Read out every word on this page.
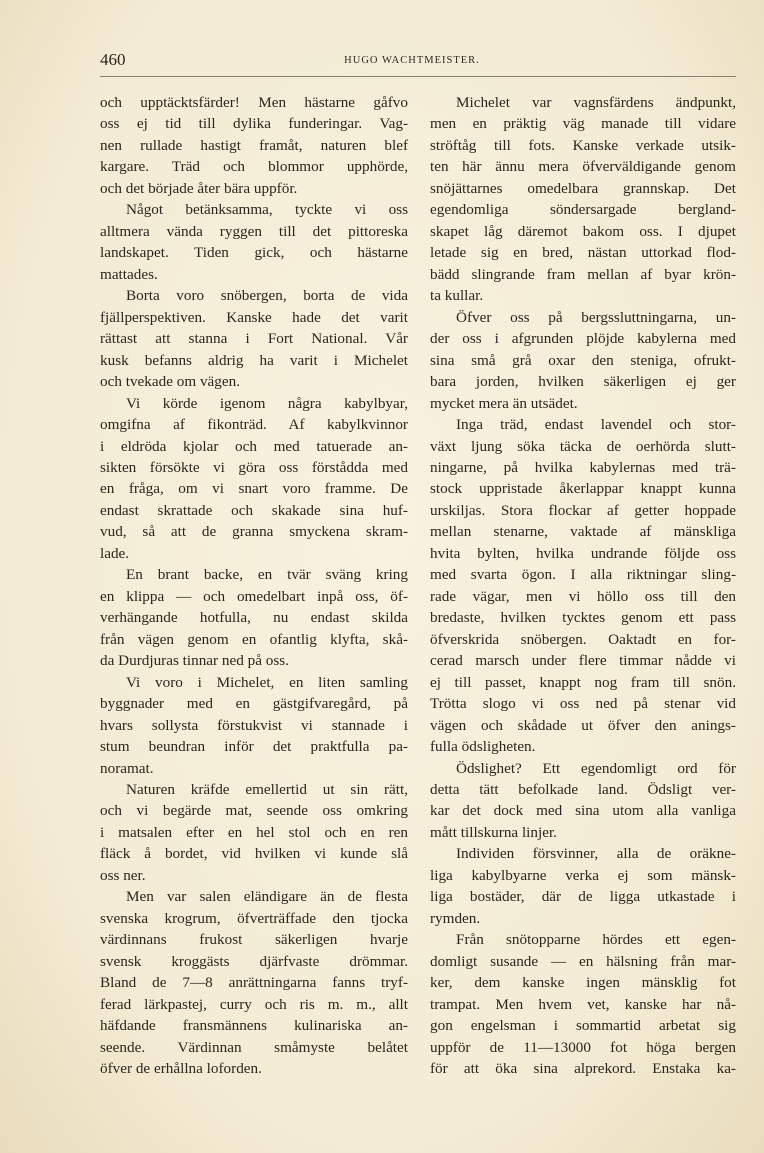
460	HUGO WACHTMEISTER.
och upptäcktsfärder! Men hästarne gåfvo
oss ej tid till dylika funderingar. Vag-
nen rullade hastigt framåt, naturen blef
kargare. Träd och blommor upphörde,
och det började åter bära uppför.
Något betänksamma, tyckte vi oss
alltmera vända ryggen till det pittoreska
landskapet. Tiden gick, och hästarne
mattades.
Borta voro snöbergen, borta de vida
fjällperspektiven. Kanske hade det varit
rättast att stanna i Fort National. Vår
kusk befanns aldrig ha varit i Michelet
och tvekade om vägen.
Vi körde igenom några kabylbyar,
omgifna af fikonträd. Af kabylkvinnor
i eldröda kjolar och med tatuerade an-
sikten försökte vi göra oss förstådda med
en fråga, om vi snart voro framme. De
endast skrattade och skakade sina huf-
vud, så att de granna smyckena skram-
lade.
En brant backe, en tvär sväng kring
en klippa — och omedelbart inpå oss, öf-
verhängande hotfulla, nu endast skilda
från vägen genom en ofantlig klyfta, skå-
da Durdjuras tinnar ned på oss.
Vi voro i Michelet, en liten samling
byggnader med en gästgifvaregård, på
hvars sollysta förstukvist vi stannade i
stum beundran inför det praktfulla pa-
noramat.
Naturen kräfde emellertid ut sin rätt,
och vi begärde mat, seende oss omkring
i matsalen efter en hel stol och en ren
fläck å bordet, vid hvilken vi kunde slå
oss ner.
Men var salen eländigare än de flesta
svenska krogrum, öfverträffade den tjocka
värdinnans frukost säkerligen hvarje
svensk kroggästs djärfvaste drömmar.
Bland de 7—8 anrättningarna fanns tryf-
ferad lärkpastej, curry och ris m. m., allt
häfdande fransmännens kulinariska an-
seende. Värdinnan småmyste belåtet
öfver de erhållna loforden.
Michelet var vagnsfärdens ändpunkt,
men en präktig väg manade till vidare
ströftåg till fots. Kanske verkade utsik-
ten här ännu mera öfverväldigande genom
snöjättarnes omedelbara grannskap. Det
egendomliga söndersargade bergland-
skapet låg däremot bakom oss. I djupet
letade sig en bred, nästan uttorkad flod-
bädd slingrande fram mellan af byar krön-
ta kullar.
Öfver oss på bergssluttningarna, un-
der oss i afgrunden plöjde kabylerna med
sina små grå oxar den steniga, ofrukt-
bara jorden, hvilken säkerligen ej ger
mycket mera än utsädet.
Inga träd, endast lavendel och stor-
växt ljung söka täcka de oerhörda slutt-
ningarne, på hvilka kabylernas med trä-
stock uppristade åkerlappar knappt kunna
urskiljas. Stora flockar af getter hoppade
mellan stenarne, vaktade af mänskliga
hvita bylten, hvilka undrande följde oss
med svarta ögon. I alla riktningar sling-
rade vägar, men vi höllo oss till den
bredaste, hvilken tycktes genom ett pass
öfverskrida snöbergen. Oaktadt en for-
cerad marsch under flere timmar nådde vi
ej till passet, knappt nog fram till snön.
Trötta slogo vi oss ned på stenar vid
vägen och skådade ut öfver den anings-
fulla ödsligheten.
Ödslighet? Ett egendomligt ord för
detta tätt befolkade land. Ödsligt ver-
kar det dock med sina utom alla vanliga
mått tillskurna linjer.
Individen försvinner, alla de oräkne-
liga kabylbyarne verka ej som mänsk-
liga bostäder, där de ligga utkastade i
rymden.
Från snötopparne hördes ett egen-
domligt susande — en hälsning från mar-
ker, dem kanske ingen mänsklig fot
trampat. Men hvem vet, kanske har nå-
gon engelsman i sommartid arbetat sig
uppför de 11—13000 fot höga bergen
för att öka sina alprekord. Enstaka ka-
